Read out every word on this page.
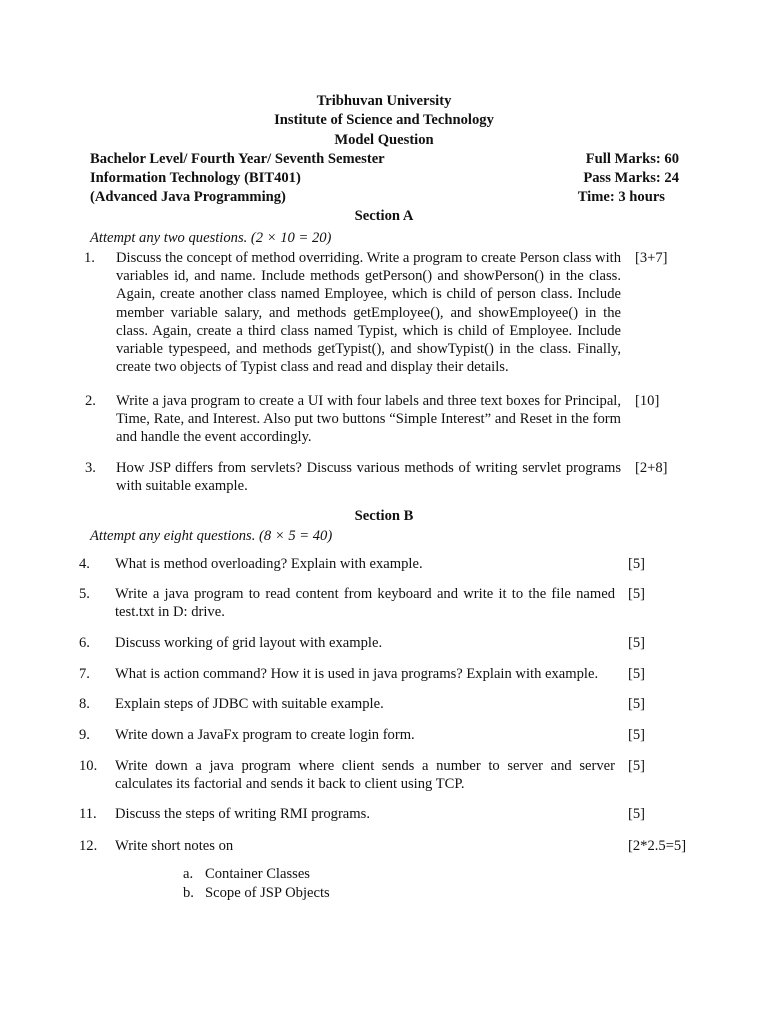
Tribhuvan University
Institute of Science and Technology
Model Question
Bachelor Level/ Fourth Year/ Seventh Semester	Full Marks: 60
Information Technology (BIT401)	Pass Marks: 24
(Advanced Java Programming)	Time: 3 hours
Section A
Attempt any two questions. (2 × 10 = 20)
1. Discuss the concept of method overriding. Write a program to create Person class with variables id, and name. Include methods getPerson() and showPerson() in the class. Again, create another class named Employee, which is child of person class. Include member variable salary, and methods getEmployee(), and showEmployee() in the class. Again, create a third class named Typist, which is child of Employee. Include variable typespeed, and methods getTypist(), and showTypist() in the class. Finally, create two objects of Typist class and read and display their details.
[3+7]
2. Write a java program to create a UI with four labels and three text boxes for Principal, Time, Rate, and Interest. Also put two buttons “Simple Interest” and Reset in the form and handle the event accordingly.
[10]
3. How JSP differs from servlets? Discuss various methods of writing servlet programs with suitable example.
[2+8]
Section B
Attempt any eight questions. (8 × 5 = 40)
4. What is method overloading? Explain with example.	[5]
5. Write a java program to read content from keyboard and write it to the file named test.txt in D: drive.
[5]
6. Discuss working of grid layout with example.	[5]
7. What is action command? How it is used in java programs? Explain with example.	[5]
8. Explain steps of JDBC with suitable example.	[5]
9. Write down a JavaFx program to create login form.	[5]
10. Write down a java program where client sends a number to server and server calculates its factorial and sends it back to client using TCP.
[5]
11. Discuss the steps of writing RMI programs.	[5]
12. Write short notes on	[2*2.5=5]
a. Container Classes
b. Scope of JSP Objects
